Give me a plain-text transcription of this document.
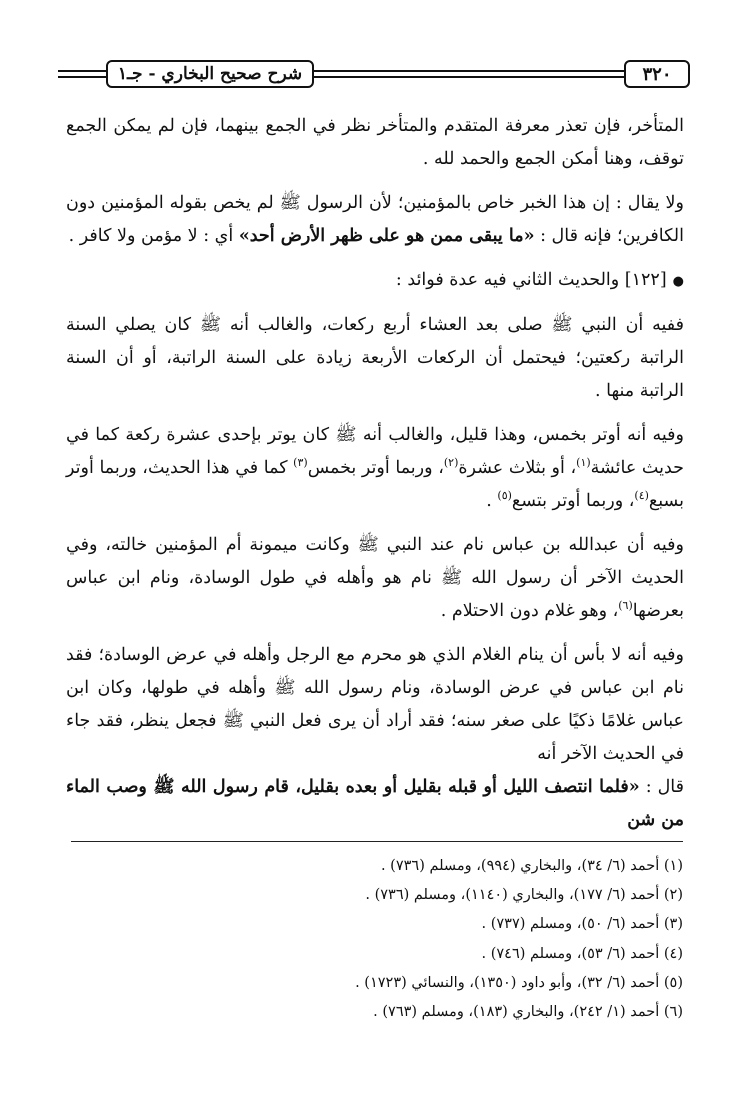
٣٢٠
شرح صحيح البخاري - جـ١

المتأخر، فإن تعذر معرفة المتقدم والمتأخر نظر في الجمع بينهما، فإن لم يمكن الجمع توقف، وهنا أمكن الجمع والحمد لله .

ولا يقال : إن هذا الخبر خاص بالمؤمنين؛ لأن الرسول ﷺ لم يخص بقوله المؤمنين دون الكافرين؛ فإنه قال : «ما يبقى ممن هو على ظهر الأرض أحد» أي : لا مؤمن ولا كافر .

●[١٢٢] والحديث الثاني فيه عدة فوائد :

ففيه أن النبي ﷺ صلى بعد العشاء أربع ركعات، والغالب أنه ﷺ كان يصلي السنة الراتبة ركعتين؛ فيحتمل أن الركعات الأربعة زيادة على السنة الراتبة، أو أن السنة الراتبة منها .

وفيه أنه أوتر بخمس، وهذا قليل، والغالب أنه ﷺ كان يوتر بإحدى عشرة ركعة كما في حديث عائشة$^{(١)}$، أو بثلاث عشرة$^{(٢)}$، وربما أوتر بخمس$^{(٣)}$ كما في هذا الحديث، وربما أوتر بسبع$^{(٤)}$، وربما أوتر بتسع$^{(٥)}$ .

وفيه أن عبدالله بن عباس نام عند النبي ﷺ وكانت ميمونة أم المؤمنين خالته، وفي الحديث الآخر أن رسول الله ﷺ نام هو وأهله في طول الوسادة، ونام ابن عباس بعرضها$^{(٦)}$، وهو غلام دون الاحتلام .

وفيه أنه لا بأس أن ينام الغلام الذي هو محرم مع الرجل وأهله في عرض الوسادة؛ فقد نام ابن عباس في عرض الوسادة، ونام رسول الله ﷺ وأهله في طولها، وكان ابن عباس غلامًا ذكيًا على صغر سنه؛ فقد أراد أن يرى فعل النبي ﷺ فجعل ينظر، فقد جاء في الحديث الآخر أنه

قال : «فلما انتصف الليل أو قبله بقليل أو بعده بقليل، قام رسول الله ﷺ وصب الماء من شن

(١) أحمد (٦/ ٣٤)، والبخاري (٩٩٤)، ومسلم (٧٣٦) .
(٢) أحمد (٦/ ١٧٧)، والبخاري (١١٤٠)، ومسلم (٧٣٦) .
(٣) أحمد (٦/ ٥٠)، ومسلم (٧٣٧) .
(٤) أحمد (٦/ ٥٣)، ومسلم (٧٤٦) .
(٥) أحمد (٦/ ٣٢)، وأبو داود (١٣٥٠)، والنسائي (١٧٢٣) .
(٦) أحمد (١/ ٢٤٢)، والبخاري (١٨٣)، ومسلم (٧٦٣) .
